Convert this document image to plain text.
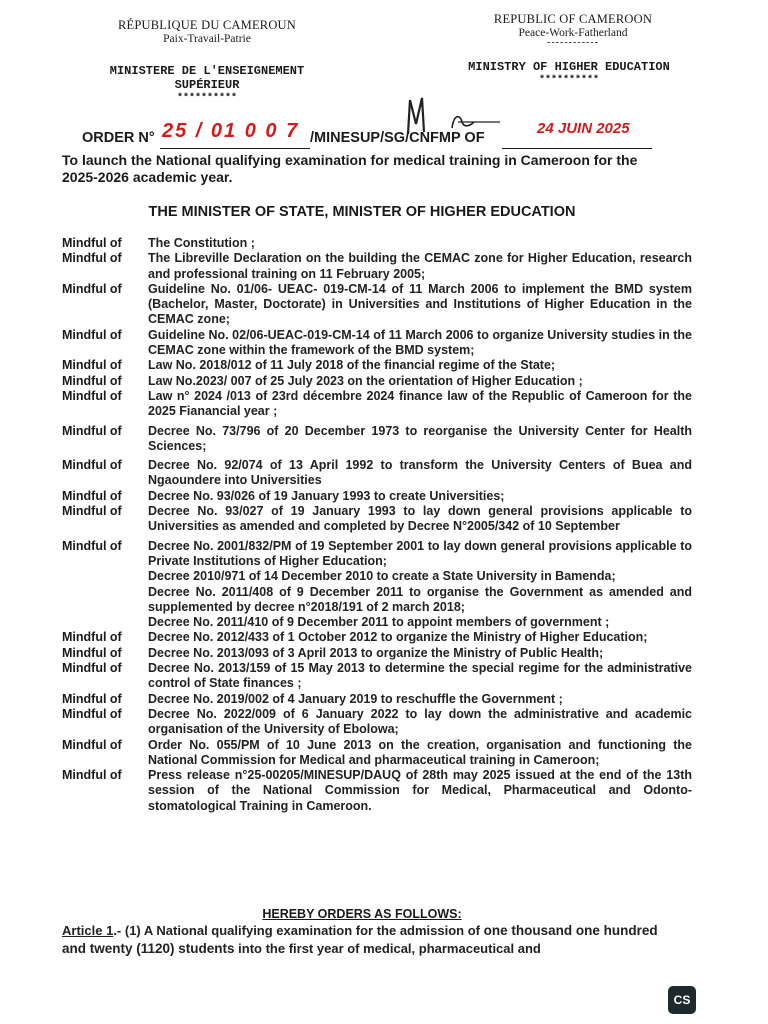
RÉPUBLIQUE DU CAMEROUN
Paix-Travail-Patrie
REPUBLIC OF CAMEROON
Peace-Work-Fatherland
------------
MINISTERE DE L'ENSEIGNEMENT
SUPÉRIEUR
**********
MINISTRY OF HIGHER EDUCATION
**********
ORDER N° 25 / 01 0 0 7 /MINESUP/SG/CNFMP OF
24 JUIN 2025
To launch the National qualifying examination for medical training in Cameroon for the 2025-2026 academic year.
THE MINISTER OF STATE, MINISTER OF HIGHER EDUCATION
Mindful of	The Constitution ;
Mindful of	The Libreville Declaration on the building the CEMAC zone for Higher Education, research and professional training on 11 February 2005;
Mindful of	Guideline No. 01/06- UEAC- 019-CM-14 of 11 March 2006 to implement the BMD system (Bachelor, Master, Doctorate) in Universities and Institutions of Higher Education in the CEMAC zone;
Mindful of	Guideline No. 02/06-UEAC-019-CM-14 of 11 March 2006 to organize University studies in the CEMAC zone within the framework of the BMD system;
Mindful of	Law No. 2018/012 of 11 July 2018 of the financial regime of the State;
Mindful of	Law No.2023/ 007 of 25 July 2023 on the orientation of Higher Education ;
Mindful of	Law n° 2024 /013 of 23rd décembre 2024 finance law of the Republic of Cameroon for the 2025 Fianancial year ;
Mindful of	Decree No. 73/796 of 20 December 1973 to reorganise the University Center for Health Sciences;
Mindful of	Decree No. 92/074 of 13 April 1992 to transform the University Centers of Buea and Ngaoundere into Universities
Mindful of	Decree No. 93/026 of 19 January 1993 to create Universities;
Mindful of	Decree No. 93/027 of 19 January 1993 to lay down general provisions applicable to Universities as amended and completed by Decree N°2005/342 of 10 September
Mindful of	Decree No. 2001/832/PM of 19 September 2001 to lay down general provisions applicable to Private Institutions of Higher Education;
Decree 2010/971 of 14 December 2010 to create a State University in Bamenda;
Decree No. 2011/408 of 9 December 2011 to organise the Government as amended and supplemented by decree n°2018/191 of 2 march 2018;
Decree No. 2011/410 of 9 December 2011 to appoint members of government ;
Mindful of	Decree No. 2012/433 of 1 October 2012 to organize the Ministry of Higher Education;
Mindful of	Decree No. 2013/093 of 3 April 2013 to organize the Ministry of Public Health;
Mindful of	Decree No. 2013/159 of 15 May 2013 to determine the special regime for the administrative control of State finances ;
Mindful of	Decree No. 2019/002 of 4 January 2019 to reschuffle the Government ;
Mindful of	Decree No. 2022/009 of 6 January 2022 to lay down the administrative and academic organisation of the University of Ebolowa;
Mindful of	Order No. 055/PM of 10 June 2013 on the creation, organisation and functioning the National Commission for Medical and pharmaceutical training in Cameroon;
Mindful of	Press release n°25-00205/MINESUP/DAUQ of 28th may 2025 issued at the end of the 13th session of the National Commission for Medical, Pharmaceutical and Odonto-stomatological Training in Cameroon.
HEREBY ORDERS AS FOLLOWS:
Article 1.- (1) A National qualifying examination for the admission of one thousand one hundred and twenty (1120) students into the first year of medical, pharmaceutical and
CS
